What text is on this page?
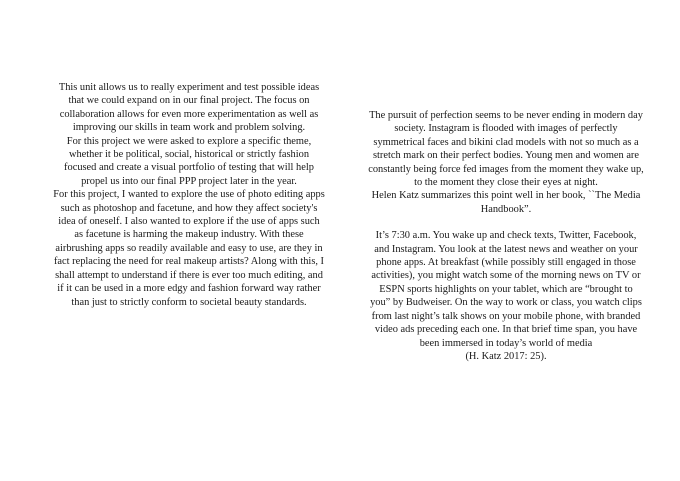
This unit allows us to really experiment and test possible ideas that we could expand on in our final project. The focus on collaboration allows for even more experimentation as well as improving our skills in team work and problem solving.

For this project we were asked to explore a specific theme, whether it be political, social, historical or strictly fashion focused and create a visual portfolio of testing that will help propel us into our final PPP project later in the year.

For this project, I wanted to explore the use of photo editing apps such as photoshop and facetune, and how they affect society's idea of oneself. I also wanted to explore if the use of apps such as facetune is harming the makeup industry. With these airbrushing apps so readily available and easy to use, are they in fact replacing the need for real makeup artists? Along with this, I shall attempt to understand if there is ever too much editing, and if it can be used in a more edgy and fashion forward way rather than just to strictly conform to societal beauty standards.

The pursuit of perfection seems to be never ending in modern day society. Instagram is flooded with images of perfectly symmetrical faces and bikini clad models with not so much as a stretch mark on their perfect bodies. Young men and women are constantly being force fed images from the moment they wake up, to the moment they close their eyes at night.

Helen Katz summarizes this point well in her book, ``The Media Handbook”.

It’s 7:30 a.m. You wake up and check texts, Twitter, Facebook, and Instagram. You look at the latest news and weather on your phone apps. At breakfast (while possibly still engaged in those activities), you might watch some of the morning news on TV or ESPN sports highlights on your tablet, which are “brought to you” by Budweiser. On the way to work or class, you watch clips from last night’s talk shows on your mobile phone, with branded video ads preceding each one. In that brief time span, you have been immersed in today’s world of media

(H. Katz 2017: 25).
